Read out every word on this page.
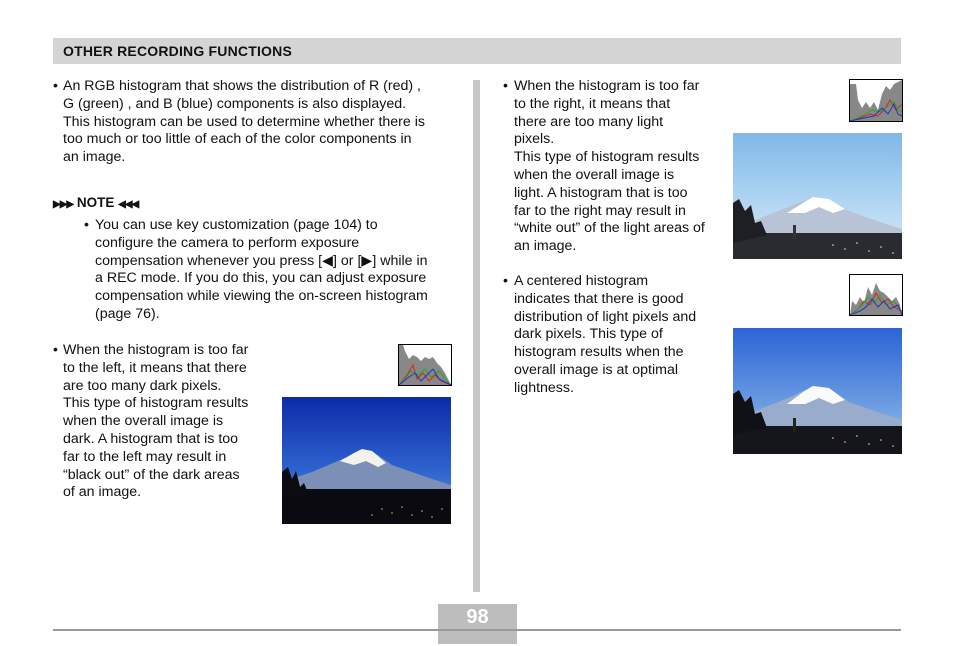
OTHER RECORDING FUNCTIONS
• An RGB histogram that shows the distribution of R (red) ,
G (green) , and B (blue) components is also displayed.
This histogram can be used to determine whether there is
too much or too little of each of the color components in
an image.
▶▶▶ NOTE ◀◀◀
• You can use key customization (page 104) to
configure the camera to perform exposure
compensation whenever you press [◀] or [▶] while in
a REC mode. If you do this, you can adjust exposure
compensation while viewing the on-screen histogram
(page 76).
• When the histogram is too far
to the left, it means that there
are too many dark pixels.
This type of histogram results
when the overall image is
dark. A histogram that is too
far to the left may result in
“black out” of the dark areas
of an image.
• When the histogram is too far
to the right, it means that
there are too many light
pixels.
This type of histogram results
when the overall image is
light. A histogram that is too
far to the right may result in
“white out” of the light areas of
an image.
• A centered histogram
indicates that there is good
distribution of light pixels and
dark pixels. This type of
histogram results when the
overall image is at optimal
lightness.
98
